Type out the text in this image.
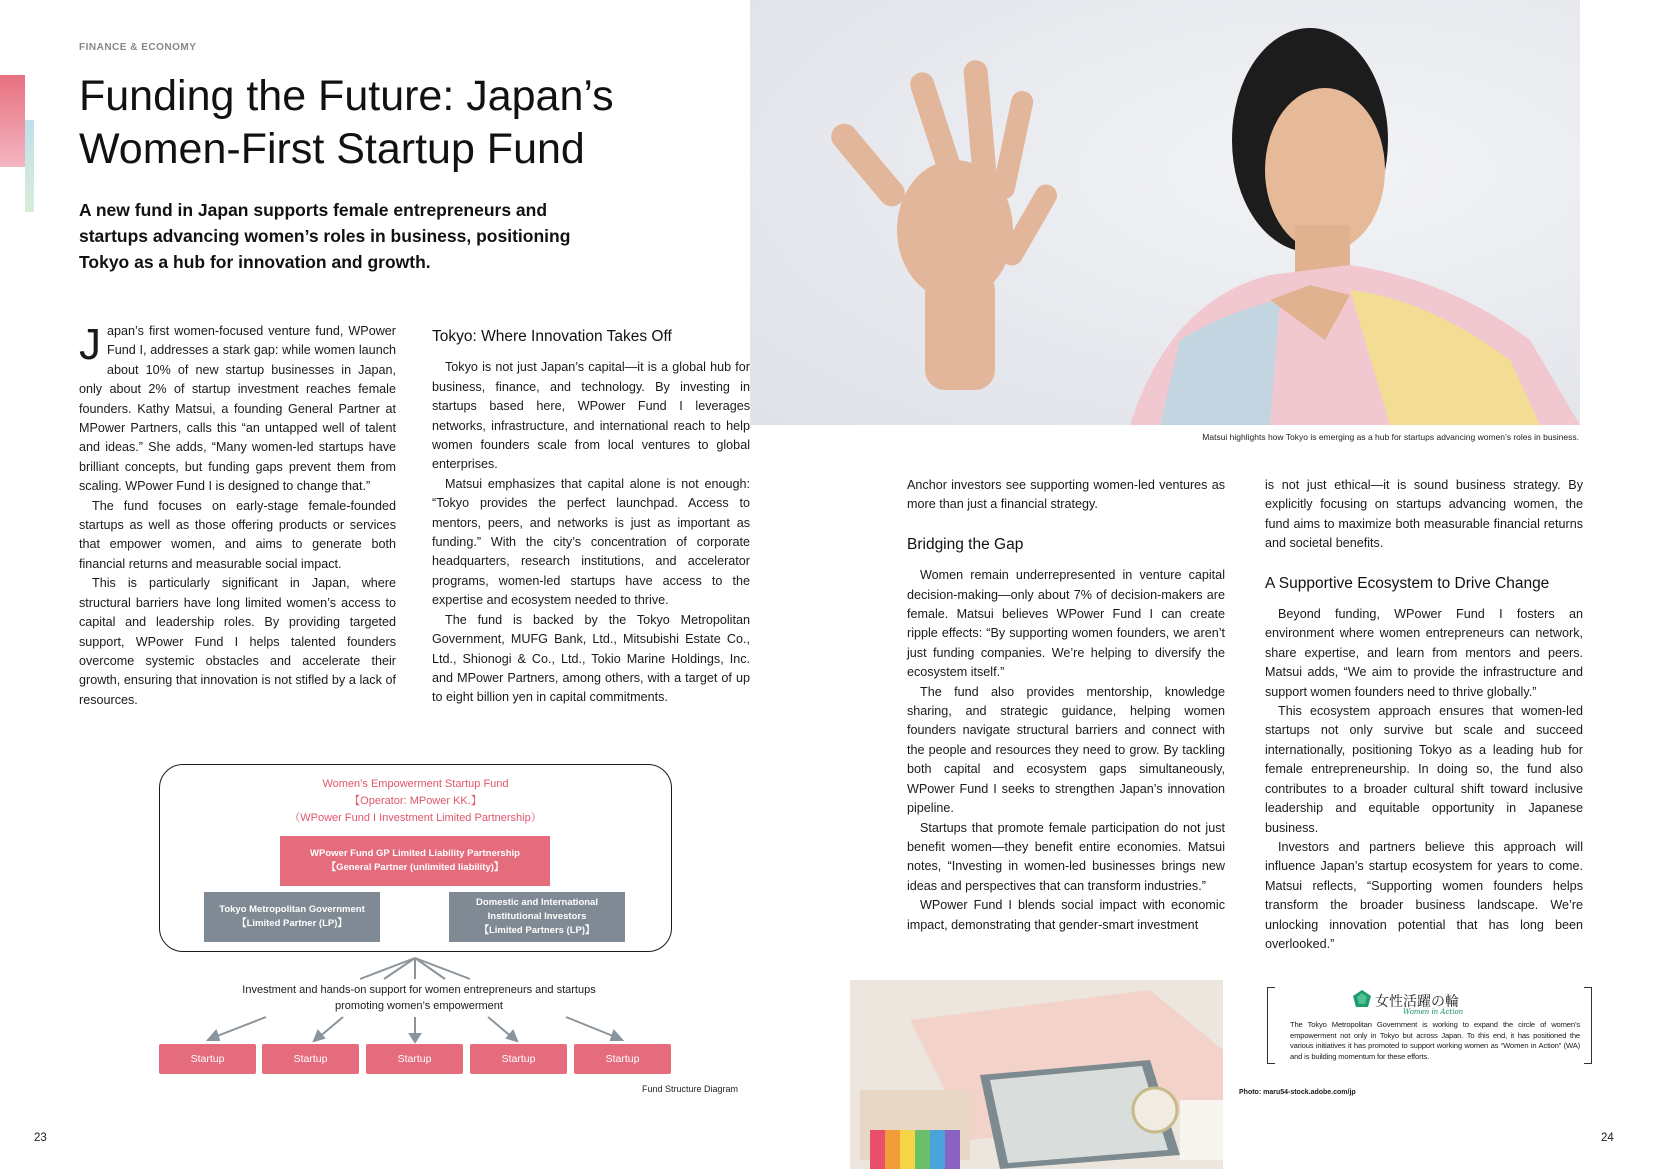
FINANCE & ECONOMY
Funding the Future: Japan’s
Women-First Startup Fund

A new fund in Japan supports female entrepreneurs and startups advancing women’s roles in business, positioning Tokyo as a hub for innovation and growth.

Japan’s first women-focused venture fund, WPower Fund I, addresses a stark gap: while women launch about 10% of new startup businesses in Japan, only about 2% of startup investment reaches female founders. Kathy Matsui, a founding General Partner at MPower Partners, calls this “an untapped well of talent and ideas.” She adds, “Many women-led startups have brilliant concepts, but funding gaps prevent them from scaling. WPower Fund I is designed to change that.”

The fund focuses on early-stage female-founded startups as well as those offering products or services that empower women, and aims to generate both financial returns and measurable social impact.

This is particularly significant in Japan, where structural barriers have long limited women’s access to capital and leadership roles. By providing targeted support, WPower Fund I helps talented founders overcome systemic obstacles and accelerate their growth, ensuring that innovation is not stifled by a lack of resources.

Tokyo: Where Innovation Takes Off

Tokyo is not just Japan’s capital—it is a global hub for business, finance, and technology. By investing in startups based here, WPower Fund I leverages networks, infrastructure, and international reach to help women founders scale from local ventures to global enterprises.

Matsui emphasizes that capital alone is not enough: “Tokyo provides the perfect launchpad. Access to mentors, peers, and networks is just as important as funding.” With the city’s concentration of corporate headquarters, research institutions, and accelerator programs, women-led startups have access to the expertise and ecosystem needed to thrive.

The fund is backed by the Tokyo Metropolitan Government, MUFG Bank, Ltd., Mitsubishi Estate Co., Ltd., Shionogi & Co., Ltd., Tokio Marine Holdings, Inc. and MPower Partners, among others, with a target of up to eight billion yen in capital commitments.

Women’s Empowerment Startup Fund
【Operator: MPower KK.】
（WPower Fund I Investment Limited Partnership）
WPower Fund GP Limited Liability Partnership
【General Partner (unlimited liability)】
Tokyo Metropolitan Government
【Limited Partner (LP)】
Domestic and International
Institutional Investors
【Limited Partners (LP)】
Investment and hands-on support for women entrepreneurs and startups
promoting women’s empowerment
Startup	Startup	Startup	Startup	Startup
Fund Structure Diagram
23
Matsui highlights how Tokyo is emerging as a hub for startups advancing women’s roles in business.

Anchor investors see supporting women-led ventures as more than just a financial strategy.

Bridging the Gap

Women remain underrepresented in venture capital decision-making—only about 7% of decision-makers are female. Matsui believes WPower Fund I can create ripple effects: “By supporting women founders, we aren’t just funding companies. We’re helping to diversify the ecosystem itself.”

The fund also provides mentorship, knowledge sharing, and strategic guidance, helping women founders navigate structural barriers and connect with the people and resources they need to grow. By tackling both capital and ecosystem gaps simultaneously, WPower Fund I seeks to strengthen Japan’s innovation pipeline.

Startups that promote female participation do not just benefit women—they benefit entire economies. Matsui notes, “Investing in women-led businesses brings new ideas and perspectives that can transform industries.”

WPower Fund I blends social impact with economic impact, demonstrating that gender-smart investment

is not just ethical—it is sound business strategy. By explicitly focusing on startups advancing women, the fund aims to maximize both measurable financial returns and societal benefits.

A Supportive Ecosystem to Drive Change

Beyond funding, WPower Fund I fosters an environment where women entrepreneurs can network, share expertise, and learn from mentors and peers. Matsui adds, “We aim to provide the infrastructure and support women founders need to thrive globally.”

This ecosystem approach ensures that women-led startups not only survive but scale and succeed internationally, positioning Tokyo as a leading hub for female entrepreneurship. In doing so, the fund also contributes to a broader cultural shift toward inclusive leadership and equitable opportunity in Japanese business.

Investors and partners believe this approach will influence Japan’s startup ecosystem for years to come. Matsui reflects, “Supporting women founders helps transform the broader business landscape. We’re unlocking innovation potential that has long been overlooked.”

女性活躍の輪
Women in Action
The Tokyo Metropolitan Government is working to expand the circle of women’s empowerment not only in Tokyo but across Japan. To this end, it has positioned the various initiatives it has promoted to support working women as “Women in Action” (WA) and is building momentum for these efforts.
Photo: maru54-stock.adobe.com/jp
24
